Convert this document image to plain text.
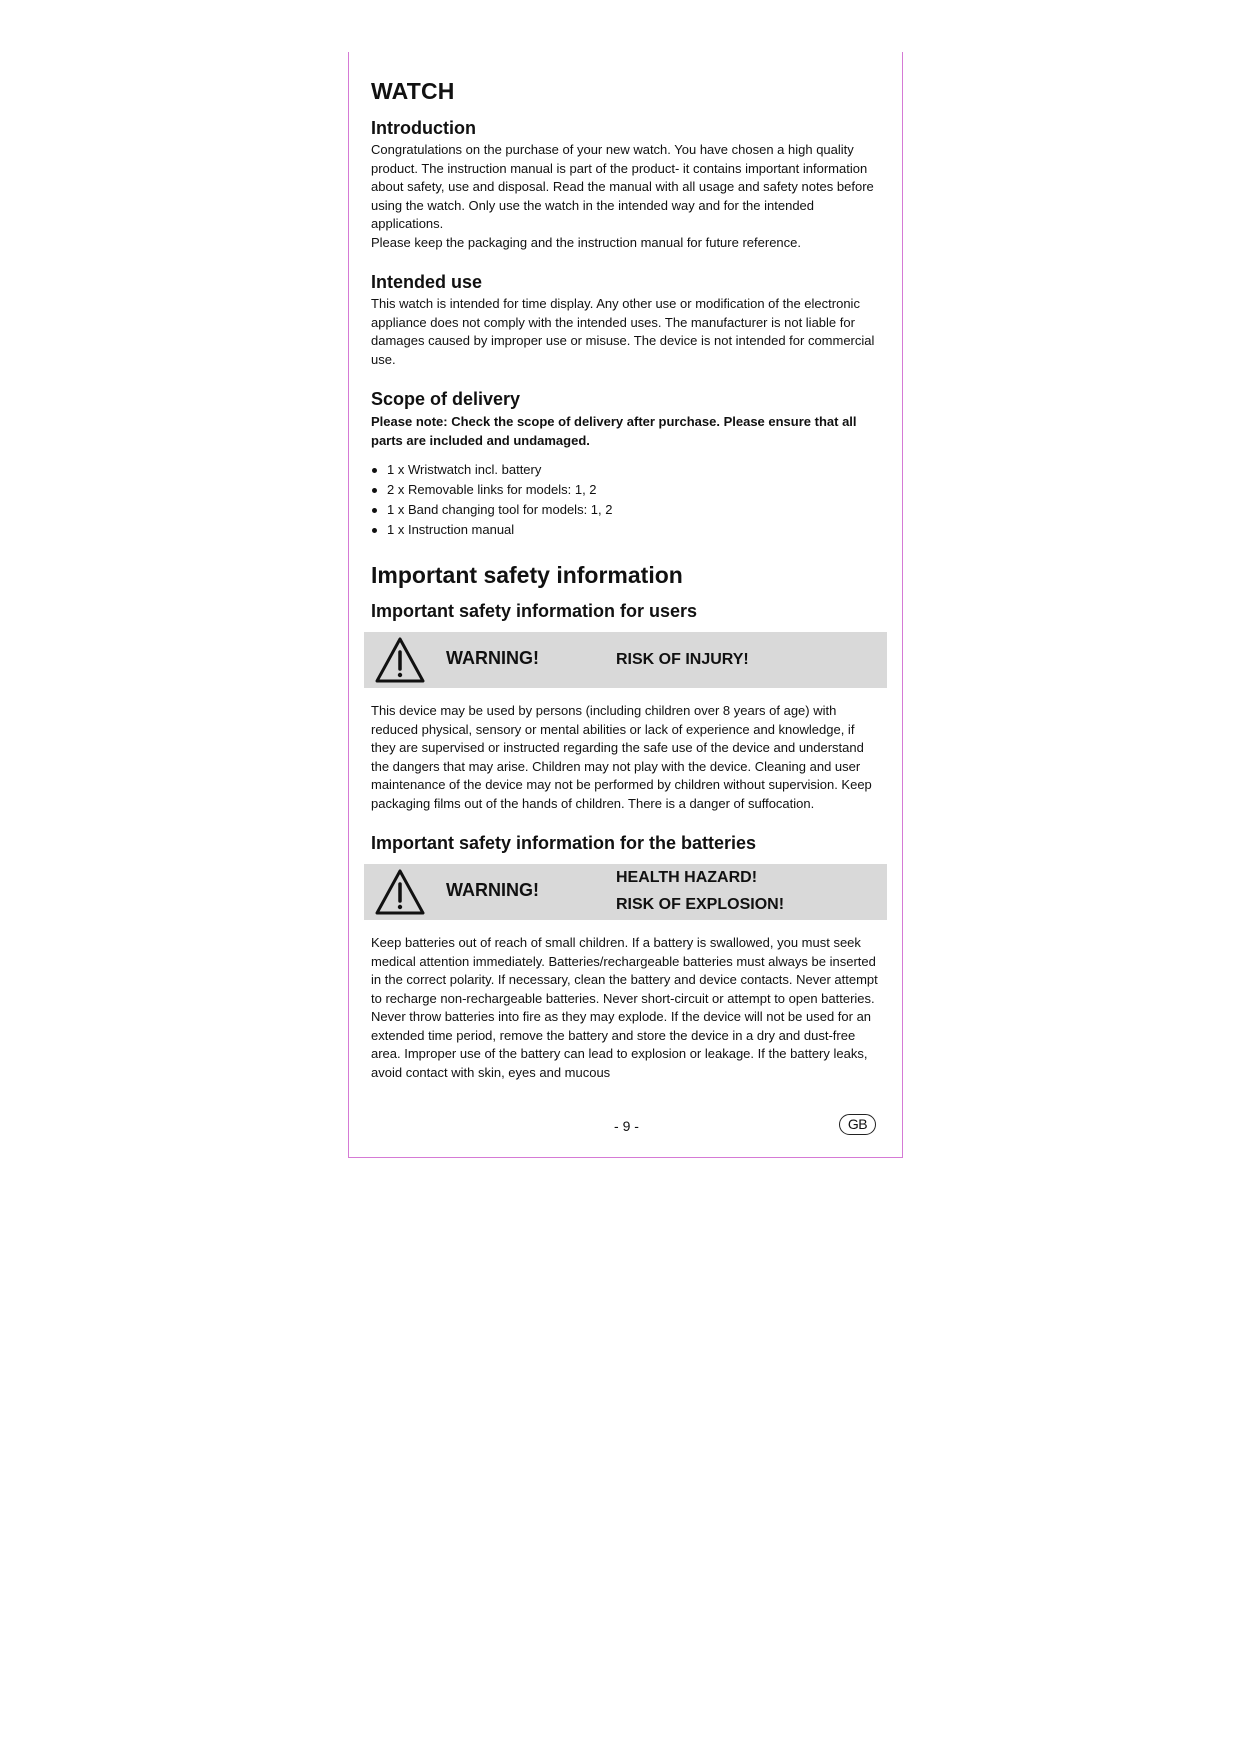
WATCH
Introduction

Congratulations on the purchase of your new watch. You have chosen a high quality product. The instruction manual is part of the product- it contains important information about safety, use and disposal. Read the manual with all usage and safety notes before using the watch. Only use the watch in the intended way and for the intended applications.

Please keep the packaging and the instruction manual for future reference.

Intended use

This watch is intended for time display. Any other use or modification of the electronic appliance does not comply with the intended uses. The manufacturer is not liable for damages caused by improper use or misuse. The device is not intended for commercial use.

Scope of delivery

Please note: Check the scope of delivery after purchase. Please ensure that all parts are included and undamaged.

1 x Wristwatch incl. battery
2 x Removable links for models: 1, 2
1 x Band changing tool for models: 1, 2
1 x Instruction manual
Important safety information
Important safety information for users
WARNING!	RISK OF INJURY!

This device may be used by persons (including children over 8 years of age) with reduced physical, sensory or mental abilities or lack of experience and knowledge, if they are supervised or instructed regarding the safe use of the device and understand the dangers that may arise. Children may not play with the device. Cleaning and user maintenance of the device may not be performed by children without supervision. Keep packaging films out of the hands of children. There is a danger of suffocation.

Important safety information for the batteries
WARNING!
HEALTH HAZARD!
RISK OF EXPLOSION!

Keep batteries out of reach of small children. If a battery is swallowed, you must seek medical attention immediately. Batteries/rechargeable batteries must always be inserted in the correct polarity. If necessary, clean the battery and device contacts. Never attempt to recharge non-rechargeable batteries. Never short-circuit or attempt to open batteries. Never throw batteries into fire as they may explode. If the device will not be used for an extended time period, remove the battery and store the device in a dry and dust-free area. Improper use of the battery can lead to explosion or leakage. If the battery leaks, avoid contact with skin, eyes and mucous

- 9 -	GB
